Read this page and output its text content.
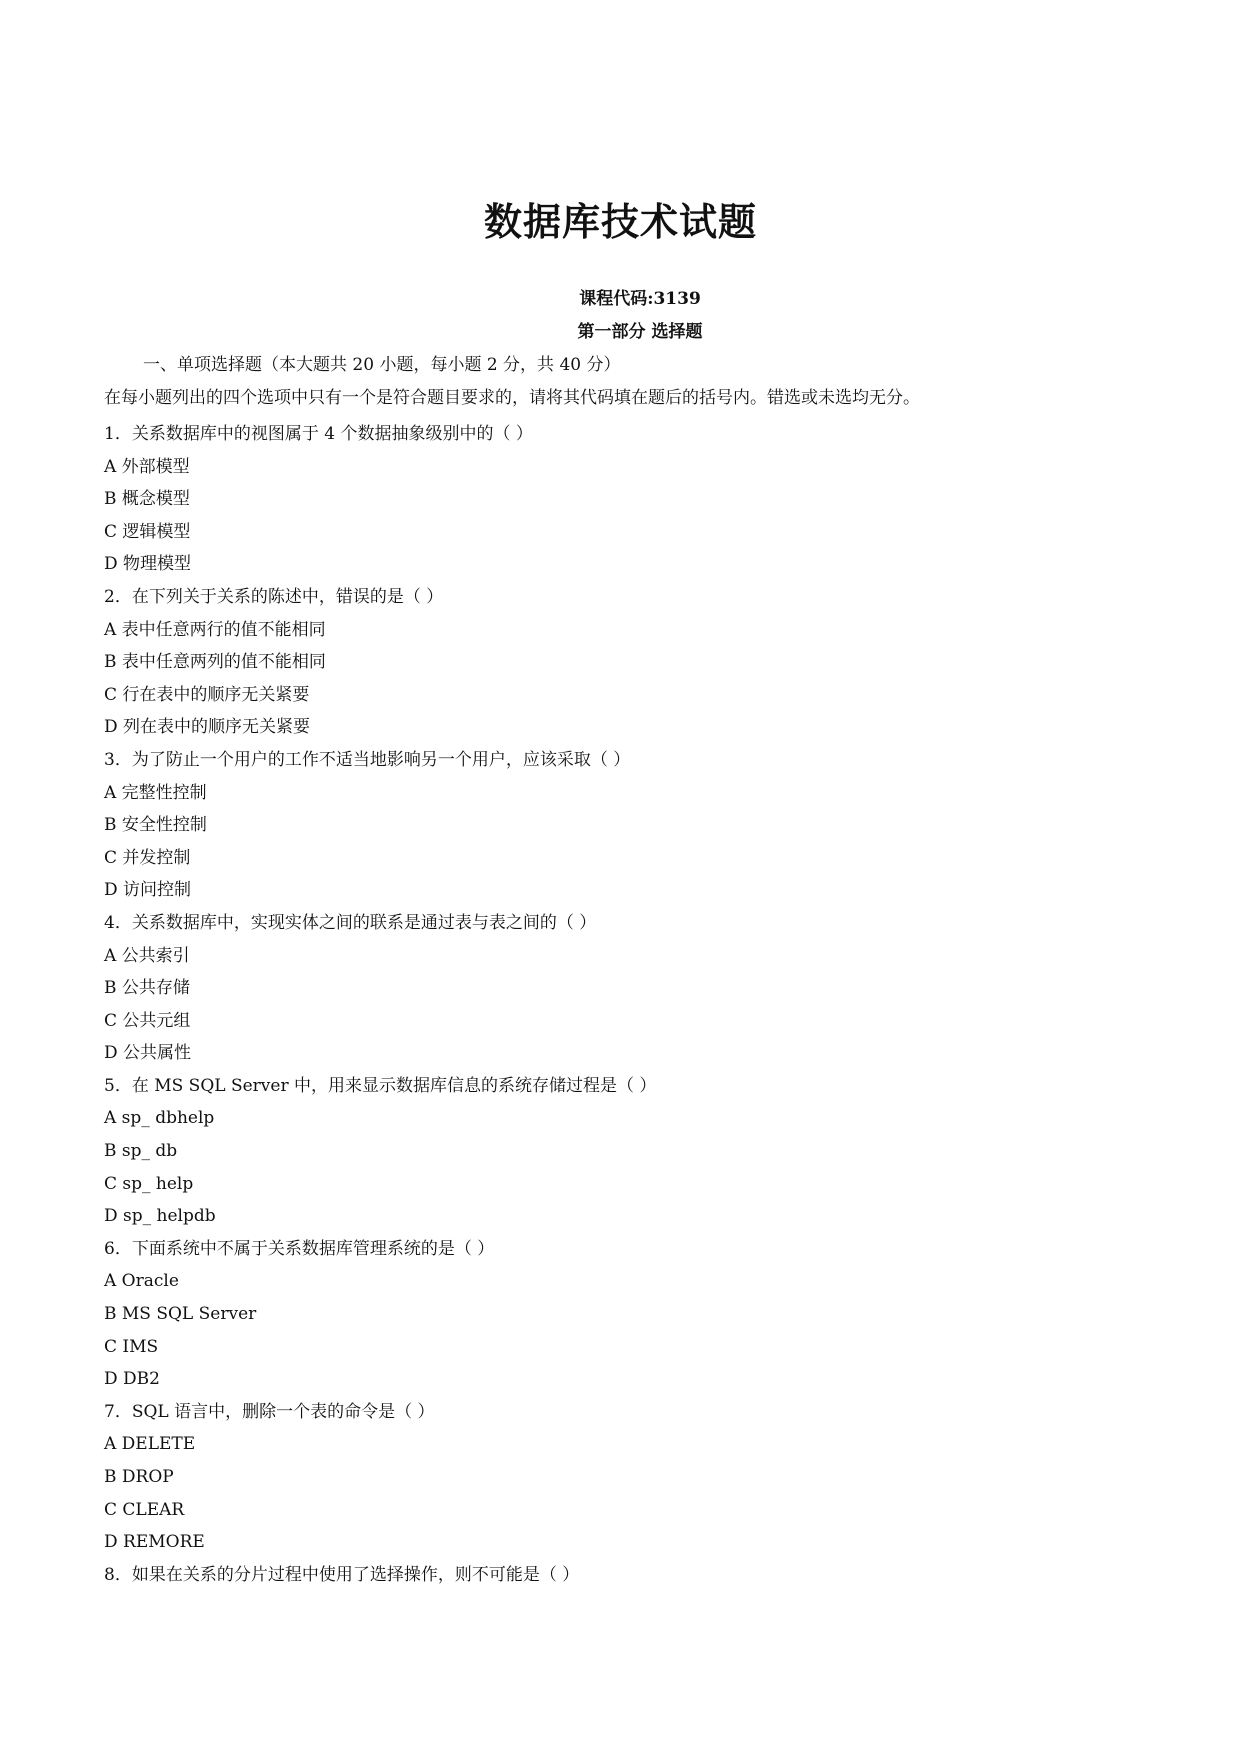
数据库技术试题
课程代码:3139
第一部分 选择题
一、单项选择题（本大题共 20 小题，每小题 2 分，共 40 分）
在每小题列出的四个选项中只有一个是符合题目要求的，请将其代码填在题后的括号内。错选或未选均无分。
1．关系数据库中的视图属于 4 个数据抽象级别中的（ ）
A 外部模型
B 概念模型
C 逻辑模型
D 物理模型
2．在下列关于关系的陈述中，错误的是（ ）
A 表中任意两行的值不能相同
B 表中任意两列的值不能相同
C 行在表中的顺序无关紧要
D 列在表中的顺序无关紧要
3．为了防止一个用户的工作不适当地影响另一个用户，应该采取（ ）
A 完整性控制
B 安全性控制
C 并发控制
D 访问控制
4．关系数据库中，实现实体之间的联系是通过表与表之间的（ ）
A 公共索引
B 公共存储
C 公共元组
D 公共属性
5．在 MS SQL Server 中，用来显示数据库信息的系统存储过程是（ ）
A sp_ dbhelp
B sp_ db
C sp_ help
D sp_ helpdb
6．下面系统中不属于关系数据库管理系统的是（ ）
A Oracle
B MS SQL Server
C IMS
D DB2
7．SQL 语言中，删除一个表的命令是（ ）
A DELETE
B DROP
C CLEAR
D REMORE
8．如果在关系的分片过程中使用了选择操作，则不可能是（ ）
